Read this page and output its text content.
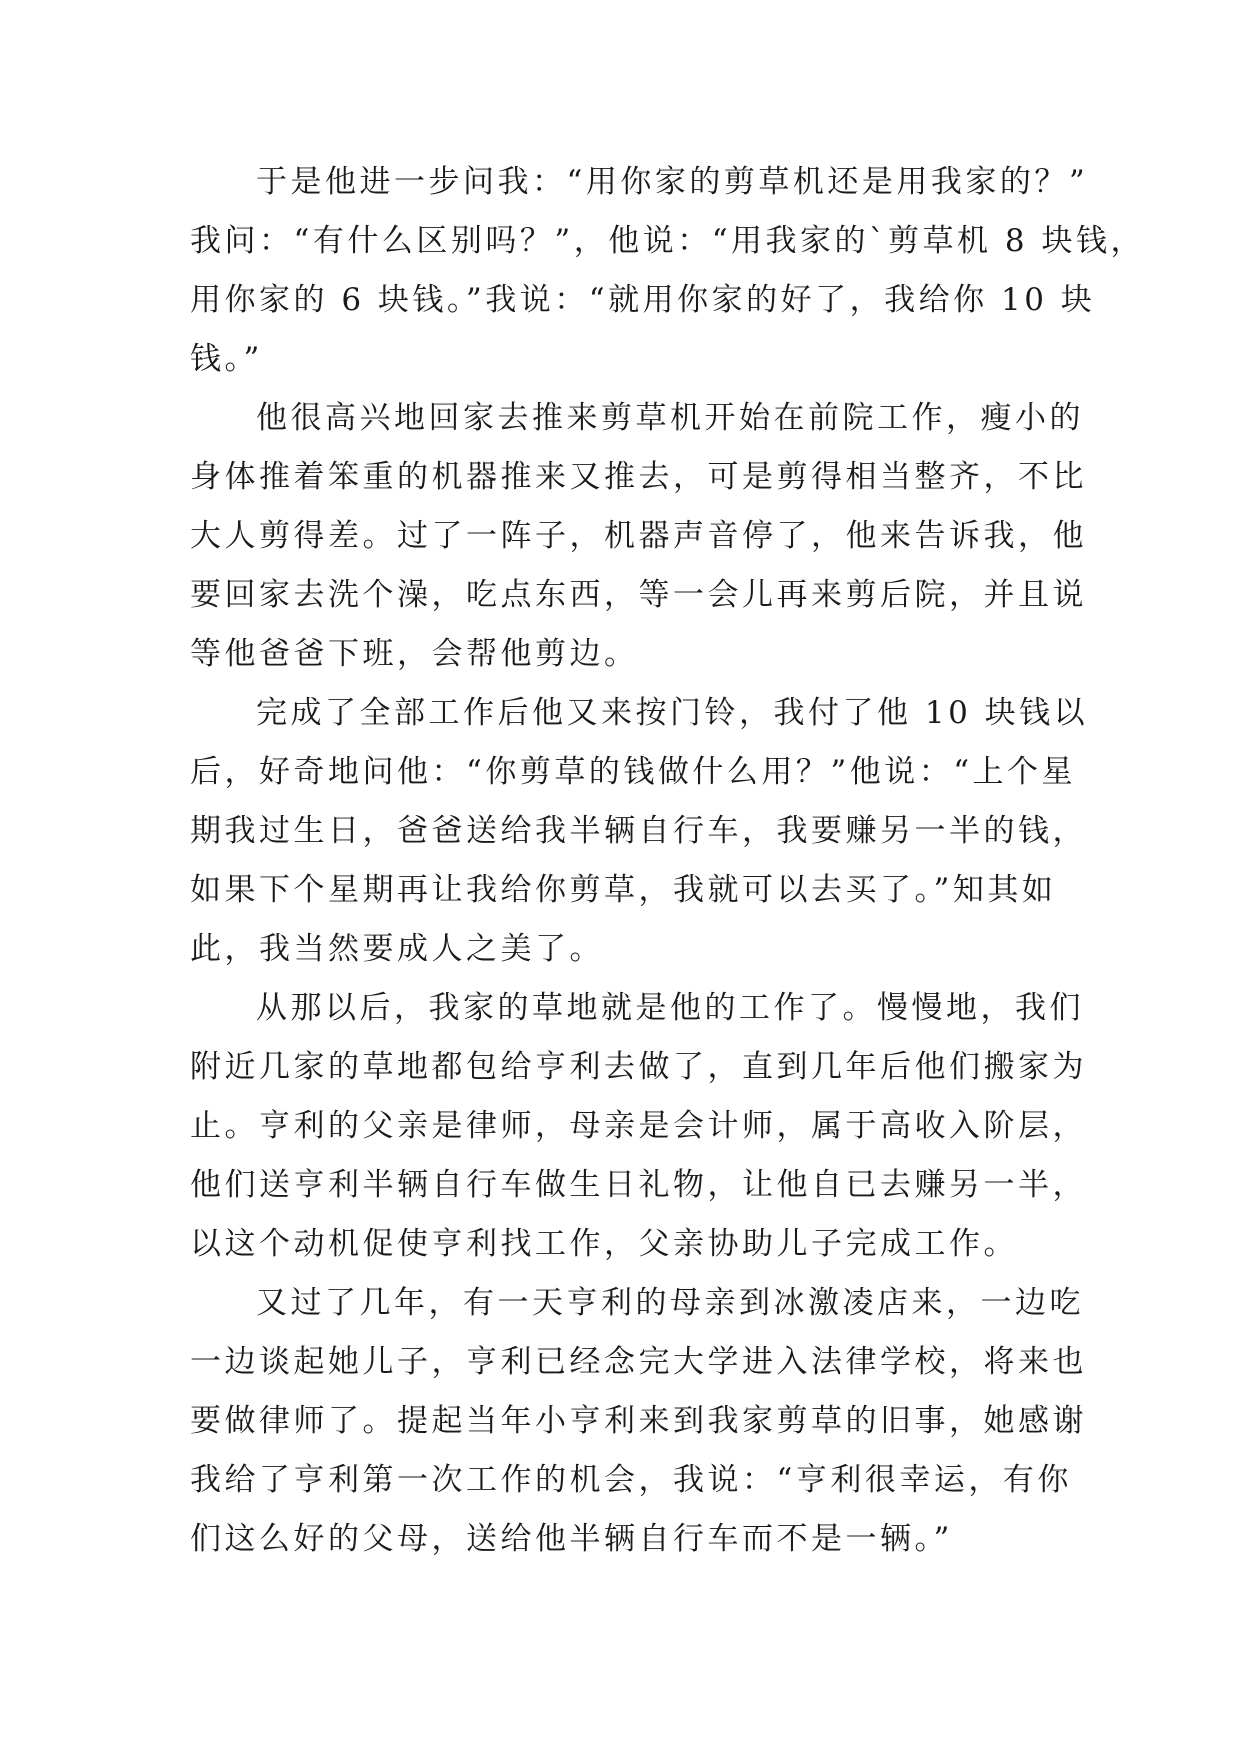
于是他进一步问我：“用你家的剪草机还是用我家的？”
我问：“有什么区别吗？”，他说：“用我家的`剪草机 8 块钱，
用你家的 6 块钱。”我说：“就用你家的好了，我给你 10 块
钱。”
他很高兴地回家去推来剪草机开始在前院工作，瘦小的
身体推着笨重的机器推来又推去，可是剪得相当整齐，不比
大人剪得差。过了一阵子，机器声音停了，他来告诉我，他
要回家去洗个澡，吃点东西，等一会儿再来剪后院，并且说
等他爸爸下班，会帮他剪边。
完成了全部工作后他又来按门铃，我付了他 10 块钱以
后，好奇地问他：“你剪草的钱做什么用？”他说：“上个星
期我过生日，爸爸送给我半辆自行车，我要赚另一半的钱，
如果下个星期再让我给你剪草，我就可以去买了。”知其如
此，我当然要成人之美了。
从那以后，我家的草地就是他的工作了。慢慢地，我们
附近几家的草地都包给亨利去做了，直到几年后他们搬家为
止。亨利的父亲是律师，母亲是会计师，属于高收入阶层，
他们送亨利半辆自行车做生日礼物，让他自已去赚另一半，
以这个动机促使亨利找工作，父亲协助儿子完成工作。
又过了几年，有一天亨利的母亲到冰激凌店来，一边吃
一边谈起她儿子，亨利已经念完大学进入法律学校，将来也
要做律师了。提起当年小亨利来到我家剪草的旧事，她感谢
我给了亨利第一次工作的机会，我说：“亨利很幸运，有你
们这么好的父母，送给他半辆自行车而不是一辆。”
